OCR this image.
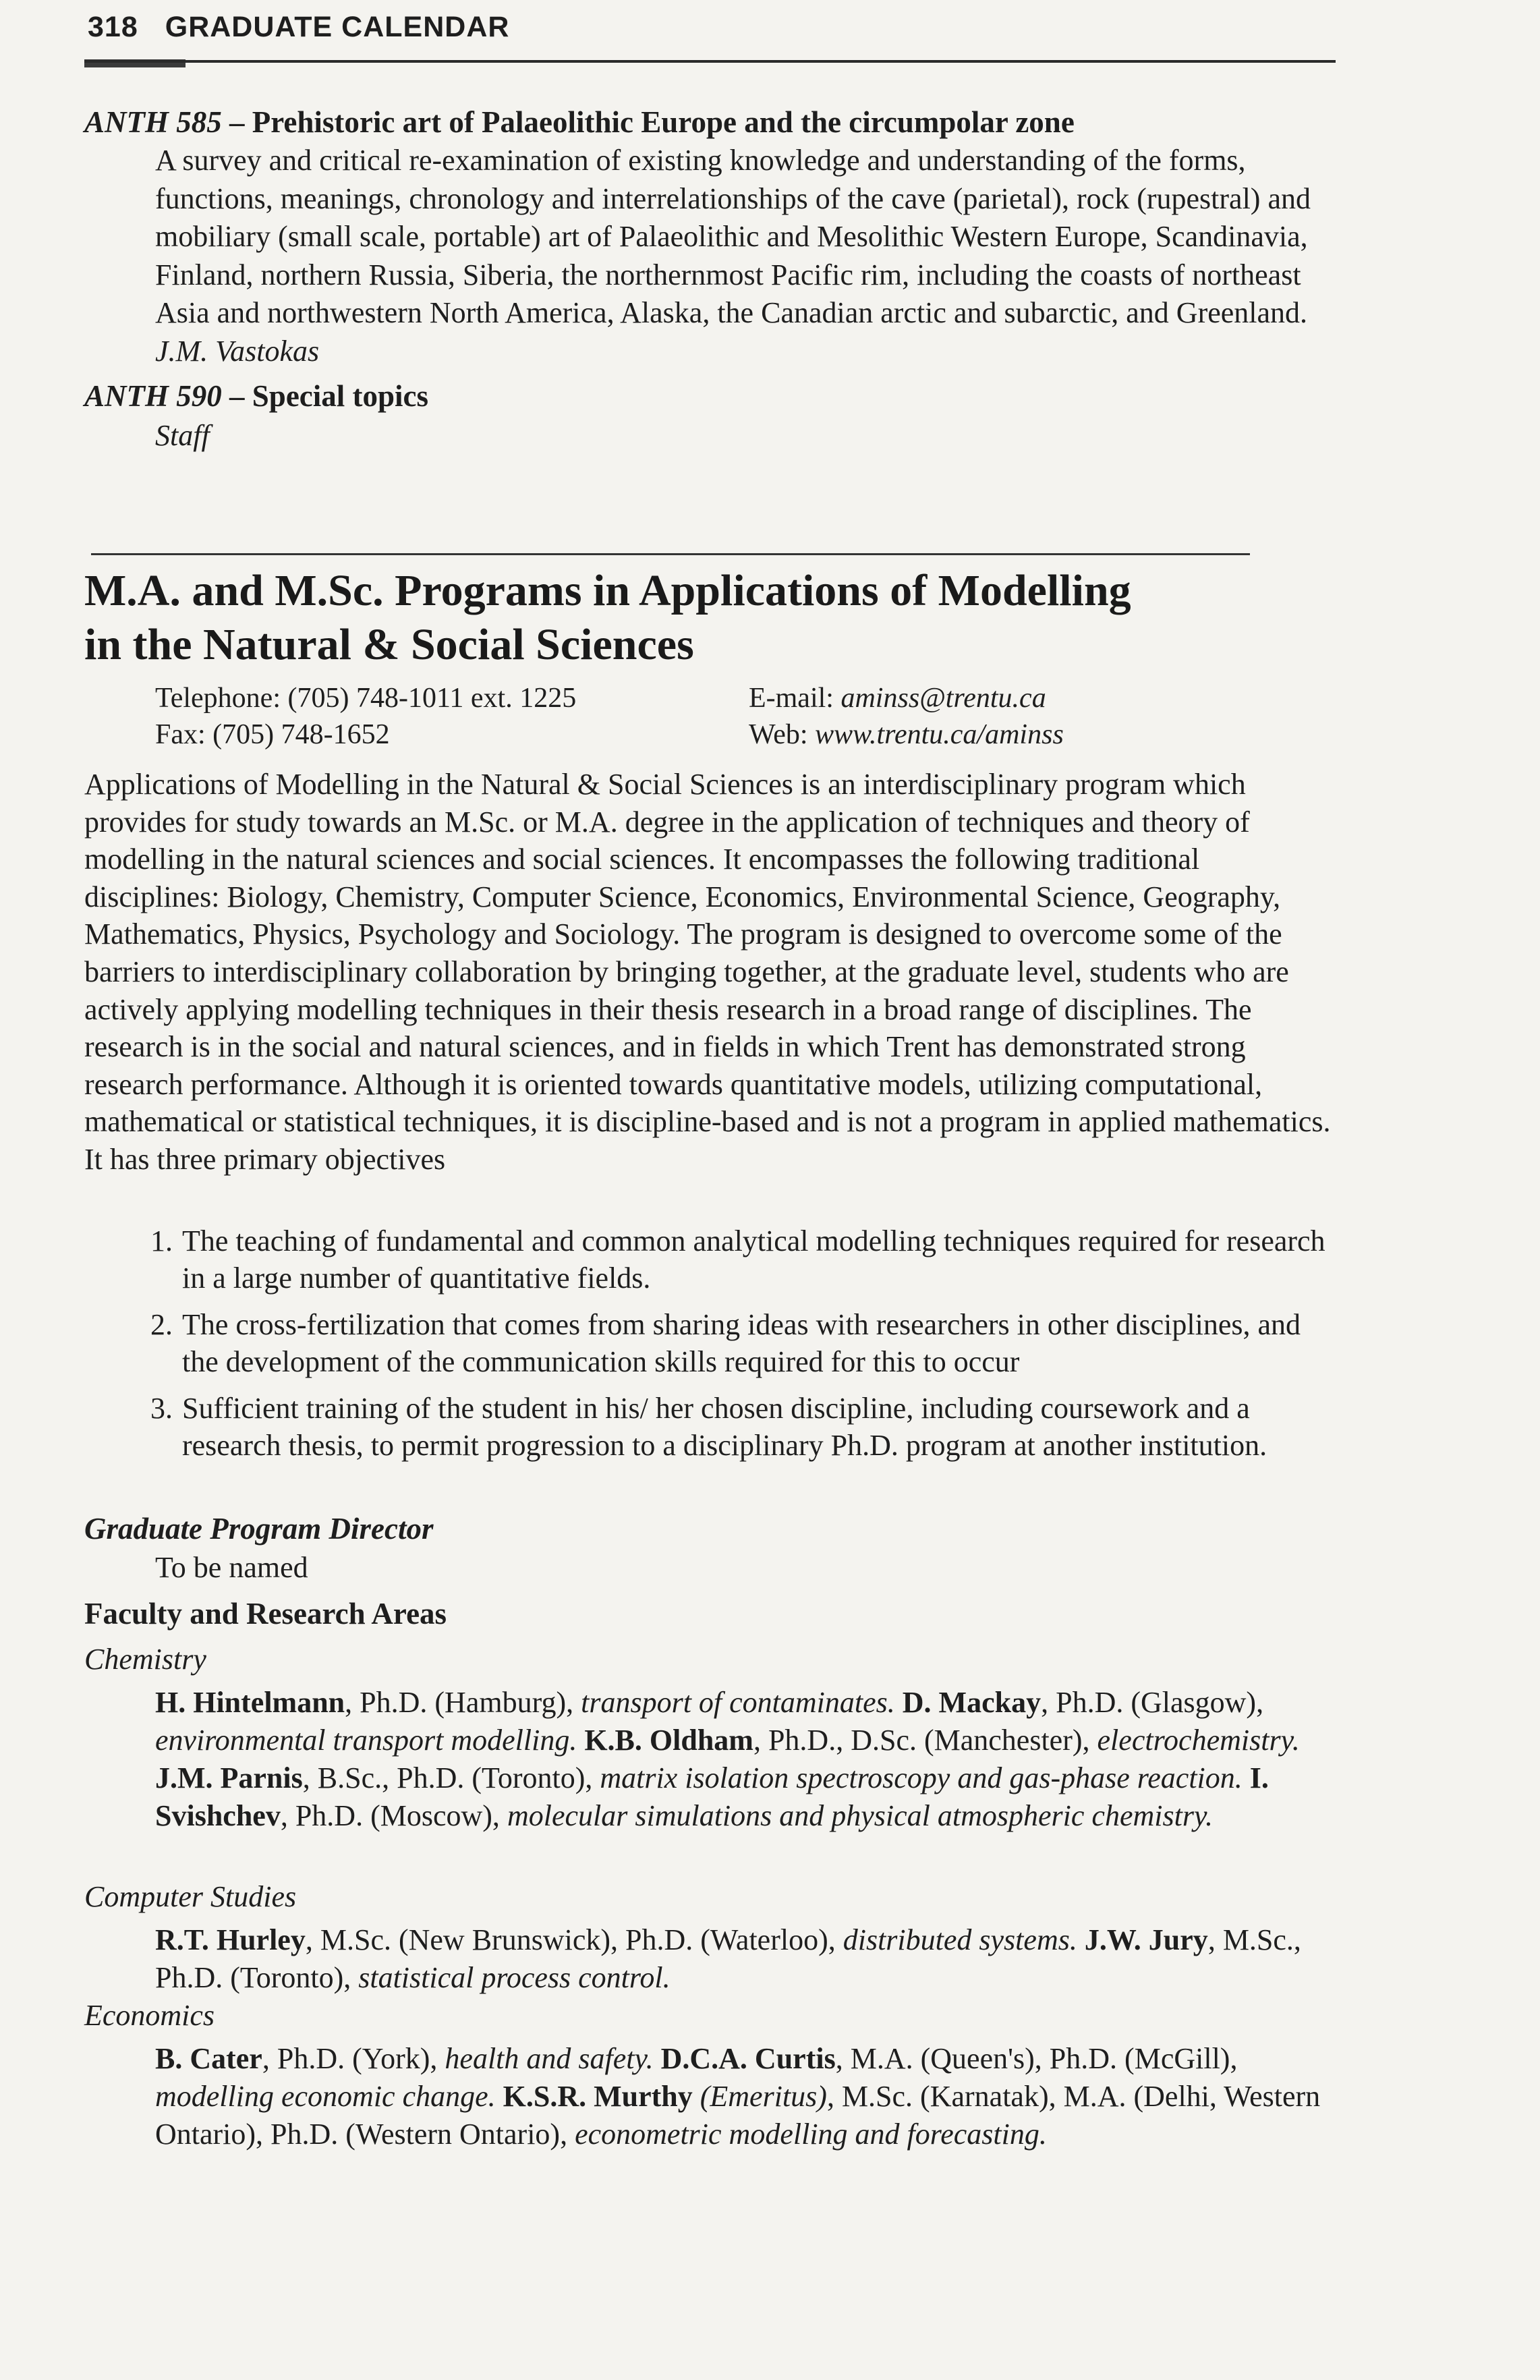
318 GRADUATE CALENDAR
ANTH 585 – Prehistoric art of Palaeolithic Europe and the circumpolar zone
A survey and critical re-examination of existing knowledge and understanding of the forms, functions, meanings, chronology and interrelationships of the cave (parietal), rock (rupestral) and mobiliary (small scale, portable) art of Palaeolithic and Mesolithic Western Europe, Scandinavia, Finland, northern Russia, Siberia, the northernmost Pacific rim, including the coasts of northeast Asia and northwestern North America, Alaska, the Canadian arctic and subarctic, and Greenland. J.M. Vastokas
ANTH 590 – Special topics
Staff
M.A. and M.Sc. Programs in Applications of Modelling
in the Natural & Social Sciences
Telephone: (705) 748-1011 ext. 1225
Fax: (705) 748-1652
E-mail: aminss@trentu.ca
Web: www.trentu.ca/aminss
Applications of Modelling in the Natural & Social Sciences is an interdisciplinary program which provides for study towards an M.Sc. or M.A. degree in the application of techniques and theory of modelling in the natural sciences and social sciences. It encompasses the following traditional disciplines: Biology, Chemistry, Computer Science, Economics, Environmental Science, Geography, Mathematics, Physics, Psychology and Sociology. The program is designed to overcome some of the barriers to interdisciplinary collaboration by bringing together, at the graduate level, students who are actively applying modelling techniques in their thesis research in a broad range of disciplines. The research is in the social and natural sciences, and in fields in which Trent has demonstrated strong research performance. Although it is oriented towards quantitative models, utilizing computational, mathematical or statistical techniques, it is discipline-based and is not a program in applied mathematics. It has three primary objectives
1. The teaching of fundamental and common analytical modelling techniques required for research in a large number of quantitative fields.
2. The cross-fertilization that comes from sharing ideas with researchers in other disciplines, and the development of the communication skills required for this to occur
3. Sufficient training of the student in his/ her chosen discipline, including coursework and a research thesis, to permit progression to a disciplinary Ph.D. program at another institution.
Graduate Program Director
To be named
Faculty and Research Areas
Chemistry
H. Hintelmann, Ph.D. (Hamburg), transport of contaminates. D. Mackay, Ph.D. (Glasgow), environmental transport modelling. K.B. Oldham, Ph.D., D.Sc. (Manchester), electrochemistry. J.M. Parnis, B.Sc., Ph.D. (Toronto), matrix isolation spectroscopy and gas-phase reaction. I. Svishchev, Ph.D. (Moscow), molecular simulations and physical atmospheric chemistry.
Computer Studies
R.T. Hurley, M.Sc. (New Brunswick), Ph.D. (Waterloo), distributed systems. J.W. Jury, M.Sc., Ph.D. (Toronto), statistical process control.
Economics
B. Cater, Ph.D. (York), health and safety. D.C.A. Curtis, M.A. (Queen's), Ph.D. (McGill), modelling economic change. K.S.R. Murthy (Emeritus), M.Sc. (Karnatak), M.A. (Delhi, Western Ontario), Ph.D. (Western Ontario), econometric modelling and forecasting.
